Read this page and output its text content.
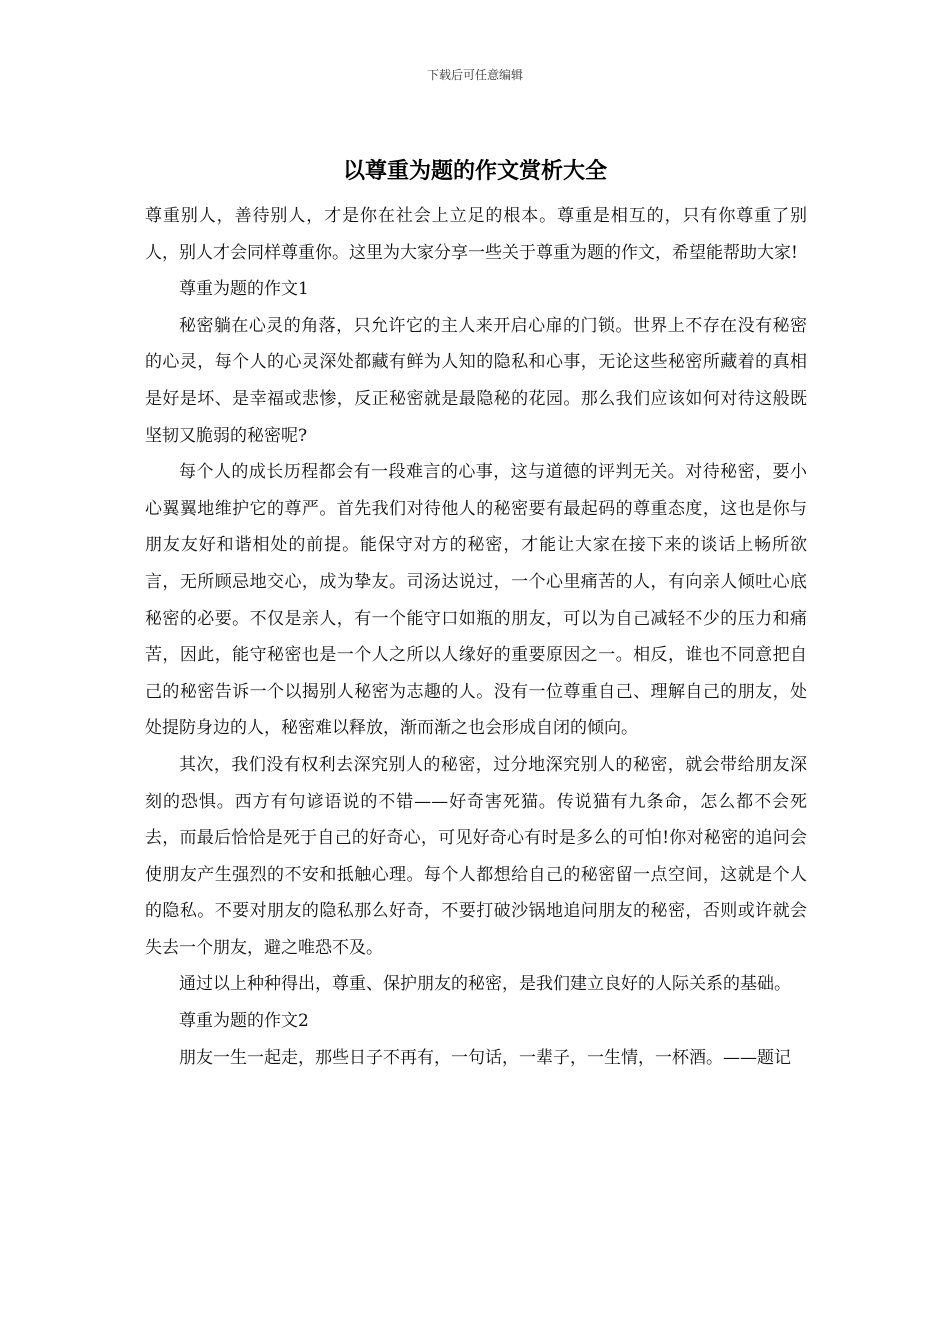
下载后可任意编辑
以尊重为题的作文赏析大全

尊重别人，善待别人，才是你在社会上立足的根本。尊重是相互的，只有你尊重了别人，别人才会同样尊重你。这里为大家分享一些关于尊重为题的作文，希望能帮助大家!

尊重为题的作文1

秘密躺在心灵的角落，只允许它的主人来开启心扉的门锁。世界上不存在没有秘密的心灵，每个人的心灵深处都藏有鲜为人知的隐私和心事，无论这些秘密所藏着的真相是好是坏、是幸福或悲惨，反正秘密就是最隐秘的花园。那么我们应该如何对待这般既坚韧又脆弱的秘密呢?

每个人的成长历程都会有一段难言的心事，这与道德的评判无关。对待秘密，要小心翼翼地维护它的尊严。首先我们对待他人的秘密要有最起码的尊重态度，这也是你与朋友友好和谐相处的前提。能保守对方的秘密，才能让大家在接下来的谈话上畅所欲言，无所顾忌地交心，成为挚友。司汤达说过，一个心里痛苦的人，有向亲人倾吐心底秘密的必要。不仅是亲人，有一个能守口如瓶的朋友，可以为自己减轻不少的压力和痛苦，因此，能守秘密也是一个人之所以人缘好的重要原因之一。相反，谁也不同意把自己的秘密告诉一个以揭别人秘密为志趣的人。没有一位尊重自己、理解自己的朋友，处处提防身边的人，秘密难以释放，渐而渐之也会形成自闭的倾向。

其次，我们没有权利去深究别人的秘密，过分地深究别人的秘密，就会带给朋友深刻的恐惧。西方有句谚语说的不错——好奇害死猫。传说猫有九条命，怎么都不会死去，而最后恰恰是死于自己的好奇心，可见好奇心有时是多么的可怕!你对秘密的追问会使朋友产生强烈的不安和抵触心理。每个人都想给自己的秘密留一点空间，这就是个人的隐私。不要对朋友的隐私那么好奇，不要打破沙锅地追问朋友的秘密，否则或许就会失去一个朋友，避之唯恐不及。

通过以上种种得出，尊重、保护朋友的秘密，是我们建立良好的人际关系的基础。

尊重为题的作文2

朋友一生一起走，那些日子不再有，一句话，一辈子，一生情，一杯酒。——题记
